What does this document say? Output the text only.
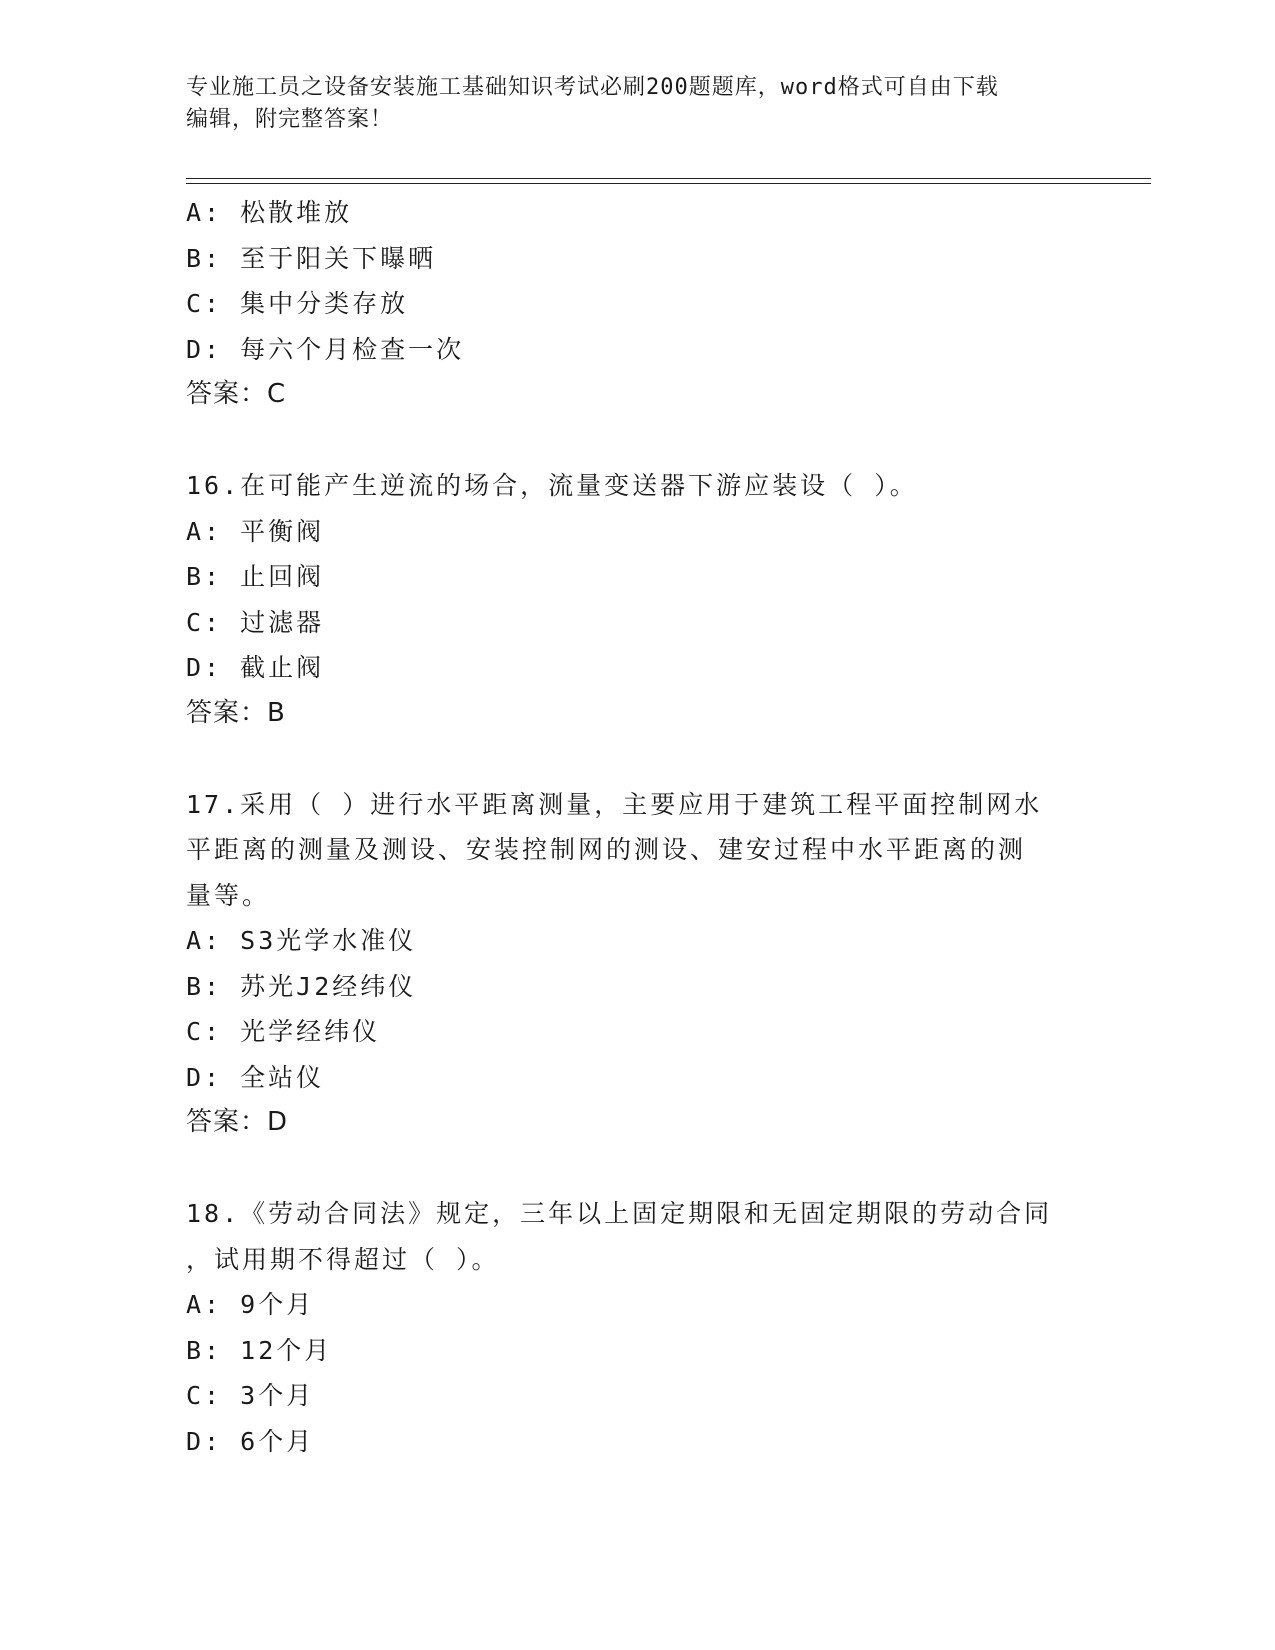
专业施工员之设备安装施工基础知识考试必刷200题题库，word格式可自由下载
编辑，附完整答案！
A: 松散堆放
B: 至于阳关下曝晒
C: 集中分类存放
D: 每六个月检查一次
答案：C
16.在可能产生逆流的场合，流量变送器下游应装设（ ）。
A: 平衡阀
B: 止回阀
C: 过滤器
D: 截止阀
答案：B
17.采用（ ）进行水平距离测量，主要应用于建筑工程平面控制网水
平距离的测量及测设、安装控制网的测设、建安过程中水平距离的测
量等。
A: S3光学水准仪
B: 苏光J2经纬仪
C: 光学经纬仪
D: 全站仪
答案：D
18.《劳动合同法》规定，三年以上固定期限和无固定期限的劳动合同
，试用期不得超过（ ）。
A: 9个月
B: 12个月
C: 3个月
D: 6个月
